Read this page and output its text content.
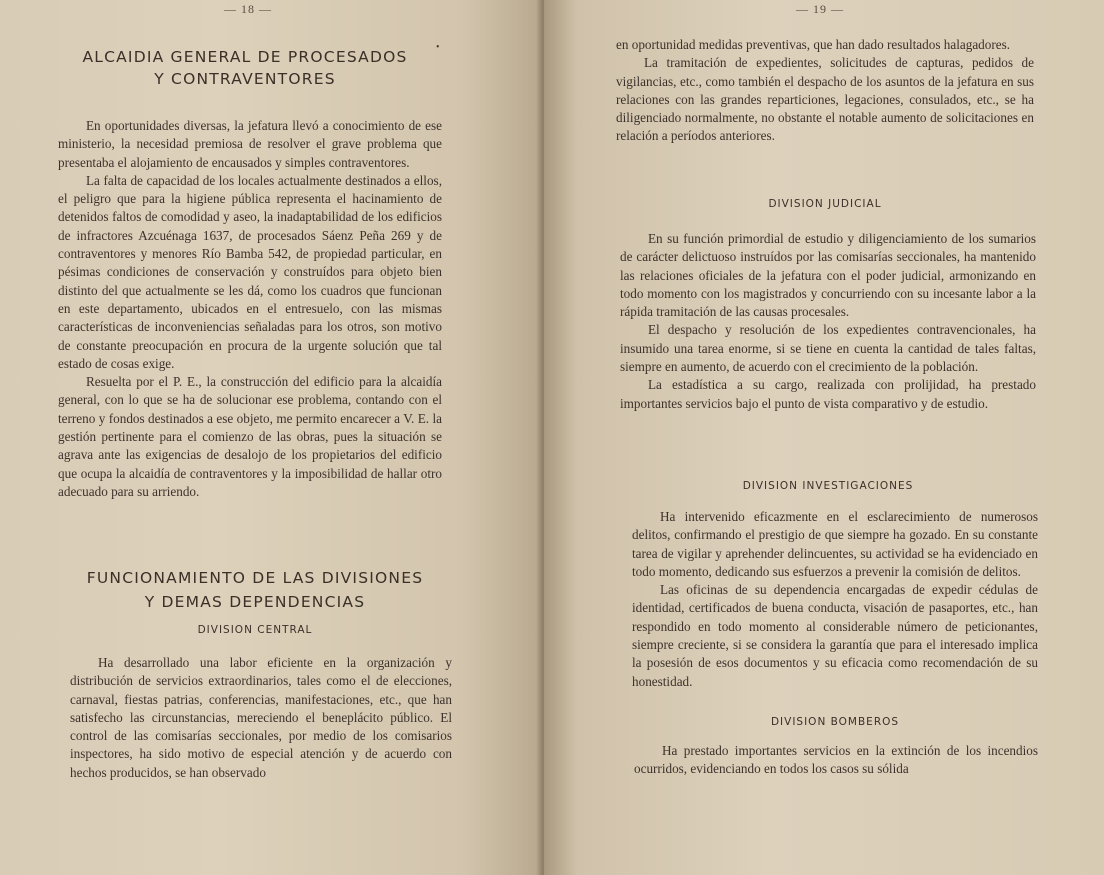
— 18 —
•

ALCAIDIA GENERAL DE PROCESADOS

Y CONTRAVENTORES

En oportunidades diversas, la jefatura llevó a conocimiento de ese ministerio, la necesidad premiosa de resolver el grave problema que presentaba el alojamiento de encausados y simples contraventores.

La falta de capacidad de los locales actualmente destinados a ellos, el peligro que para la higiene pública representa el hacinamiento de detenidos faltos de comodidad y aseo, la inadaptabilidad de los edificios de infractores Azcuénaga 1637, de procesados Sáenz Peña 269 y de contraventores y menores Río Bamba 542, de propiedad particular, en pésimas condiciones de conservación y construídos para objeto bien distinto del que actualmente se les dá, como los cuadros que funcionan en este departamento, ubicados en el entresuelo, con las mismas características de inconveniencias señaladas para los otros, son motivo de constante preocupación en procura de la urgente solución que tal estado de cosas exige.

Resuelta por el P. E., la construcción del edificio para la alcaidía general, con lo que se ha de solucionar ese problema, contando con el terreno y fondos destinados a ese objeto, me permito encarecer a V. E. la gestión pertinente para el comienzo de las obras, pues la situación se agrava ante las exigencias de desalojo de los propietarios del edificio que ocupa la alcaidía de contraventores y la imposibilidad de hallar otro adecuado para su arriendo.

FUNCIONAMIENTO DE LAS DIVISIONES

Y DEMAS DEPENDENCIAS

DIVISION CENTRAL

Ha desarrollado una labor eficiente en la organización y distribución de servicios extraordinarios, tales como el de elecciones, carnaval, fiestas patrias, conferencias, manifestaciones, etc., que han satisfecho las circunstancias, mereciendo el beneplácito público. El control de las comisarías seccionales, por medio de los comisarios inspectores, ha sido motivo de especial atención y de acuerdo con hechos producidos, se han observado

— 19 —

en oportunidad medidas preventivas, que han dado resultados halagadores.

La tramitación de expedientes, solicitudes de capturas, pedidos de vigilancias, etc., como también el despacho de los asuntos de la jefatura en sus relaciones con las grandes reparticiones, legaciones, consulados, etc., se ha diligenciado normalmente, no obstante el notable aumento de solicitaciones en relación a períodos anteriores.

DIVISION JUDICIAL

En su función primordial de estudio y diligenciamiento de los sumarios de carácter delictuoso instruídos por las comisarías seccionales, ha mantenido las relaciones oficiales de la jefatura con el poder judicial, armonizando en todo momento con los magistrados y concurriendo con su incesante labor a la rápida tramitación de las causas procesales.

El despacho y resolución de los expedientes contravencionales, ha insumido una tarea enorme, si se tiene en cuenta la cantidad de tales faltas, siempre en aumento, de acuerdo con el crecimiento de la población.

La estadística a su cargo, realizada con prolijidad, ha prestado importantes servicios bajo el punto de vista comparativo y de estudio.

DIVISION INVESTIGACIONES

Ha intervenido eficazmente en el esclarecimiento de numerosos delitos, confirmando el prestigio de que siempre ha gozado. En su constante tarea de vigilar y aprehender delincuentes, su actividad se ha evidenciado en todo momento, dedicando sus esfuerzos a prevenir la comisión de delitos.

Las oficinas de su dependencia encargadas de expedir cédulas de identidad, certificados de buena conducta, visación de pasaportes, etc., han respondido en todo momento al considerable número de peticionantes, siempre creciente, si se considera la garantía que para el interesado implica la posesión de esos documentos y su eficacia como recomendación de su honestidad.

DIVISION BOMBEROS

Ha prestado importantes servicios en la extinción de los incendios ocurridos, evidenciando en todos los casos su sólida
